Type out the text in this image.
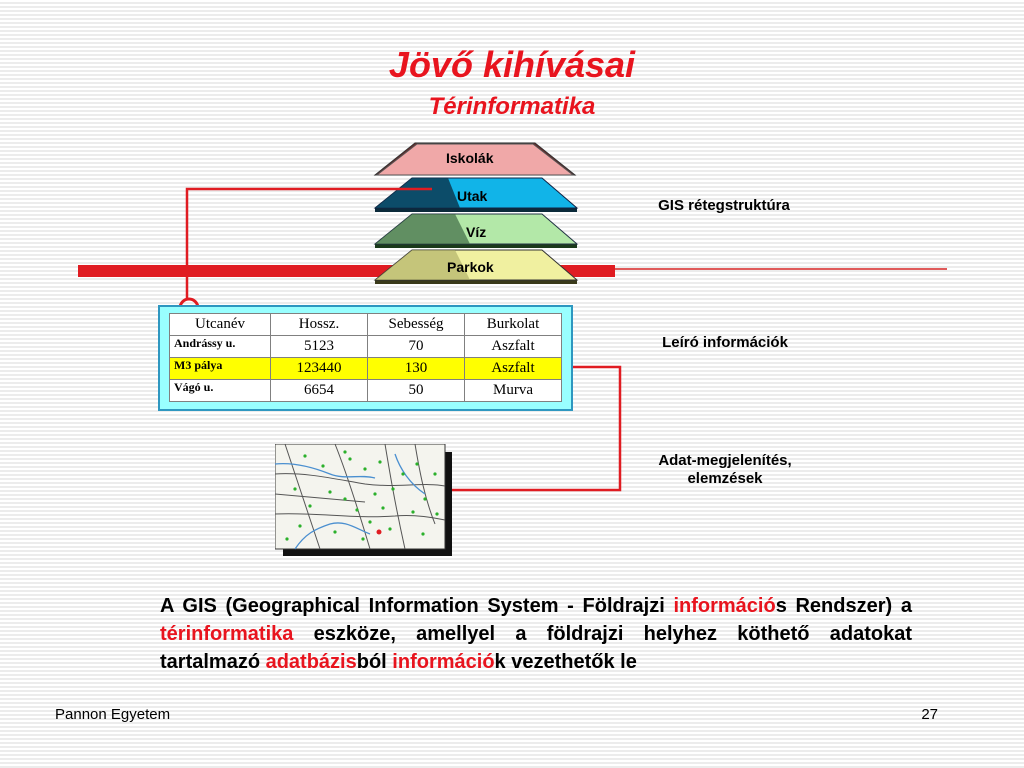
Jövő kihívásai
Térinformatika
Iskolák
Utak
Víz
Parkok
GIS rétegstruktúra
Leíró információk
Adat-megjelenítés, elemzések
Utcanév	Hossz.	Sebesség	Burkolat
Andrássy u.	5123	70	Aszfalt
M3 pálya	123440	130	Aszfalt
Vágó u.	6654	50	Murva
A GIS (Geographical Information System - Földrajzi információs Rendszer) a térinformatika eszköze, amellyel a földrajzi helyhez köthető adatokat tartalmazó adatbázisból információk vezethetők le
Pannon Egyetem	27
